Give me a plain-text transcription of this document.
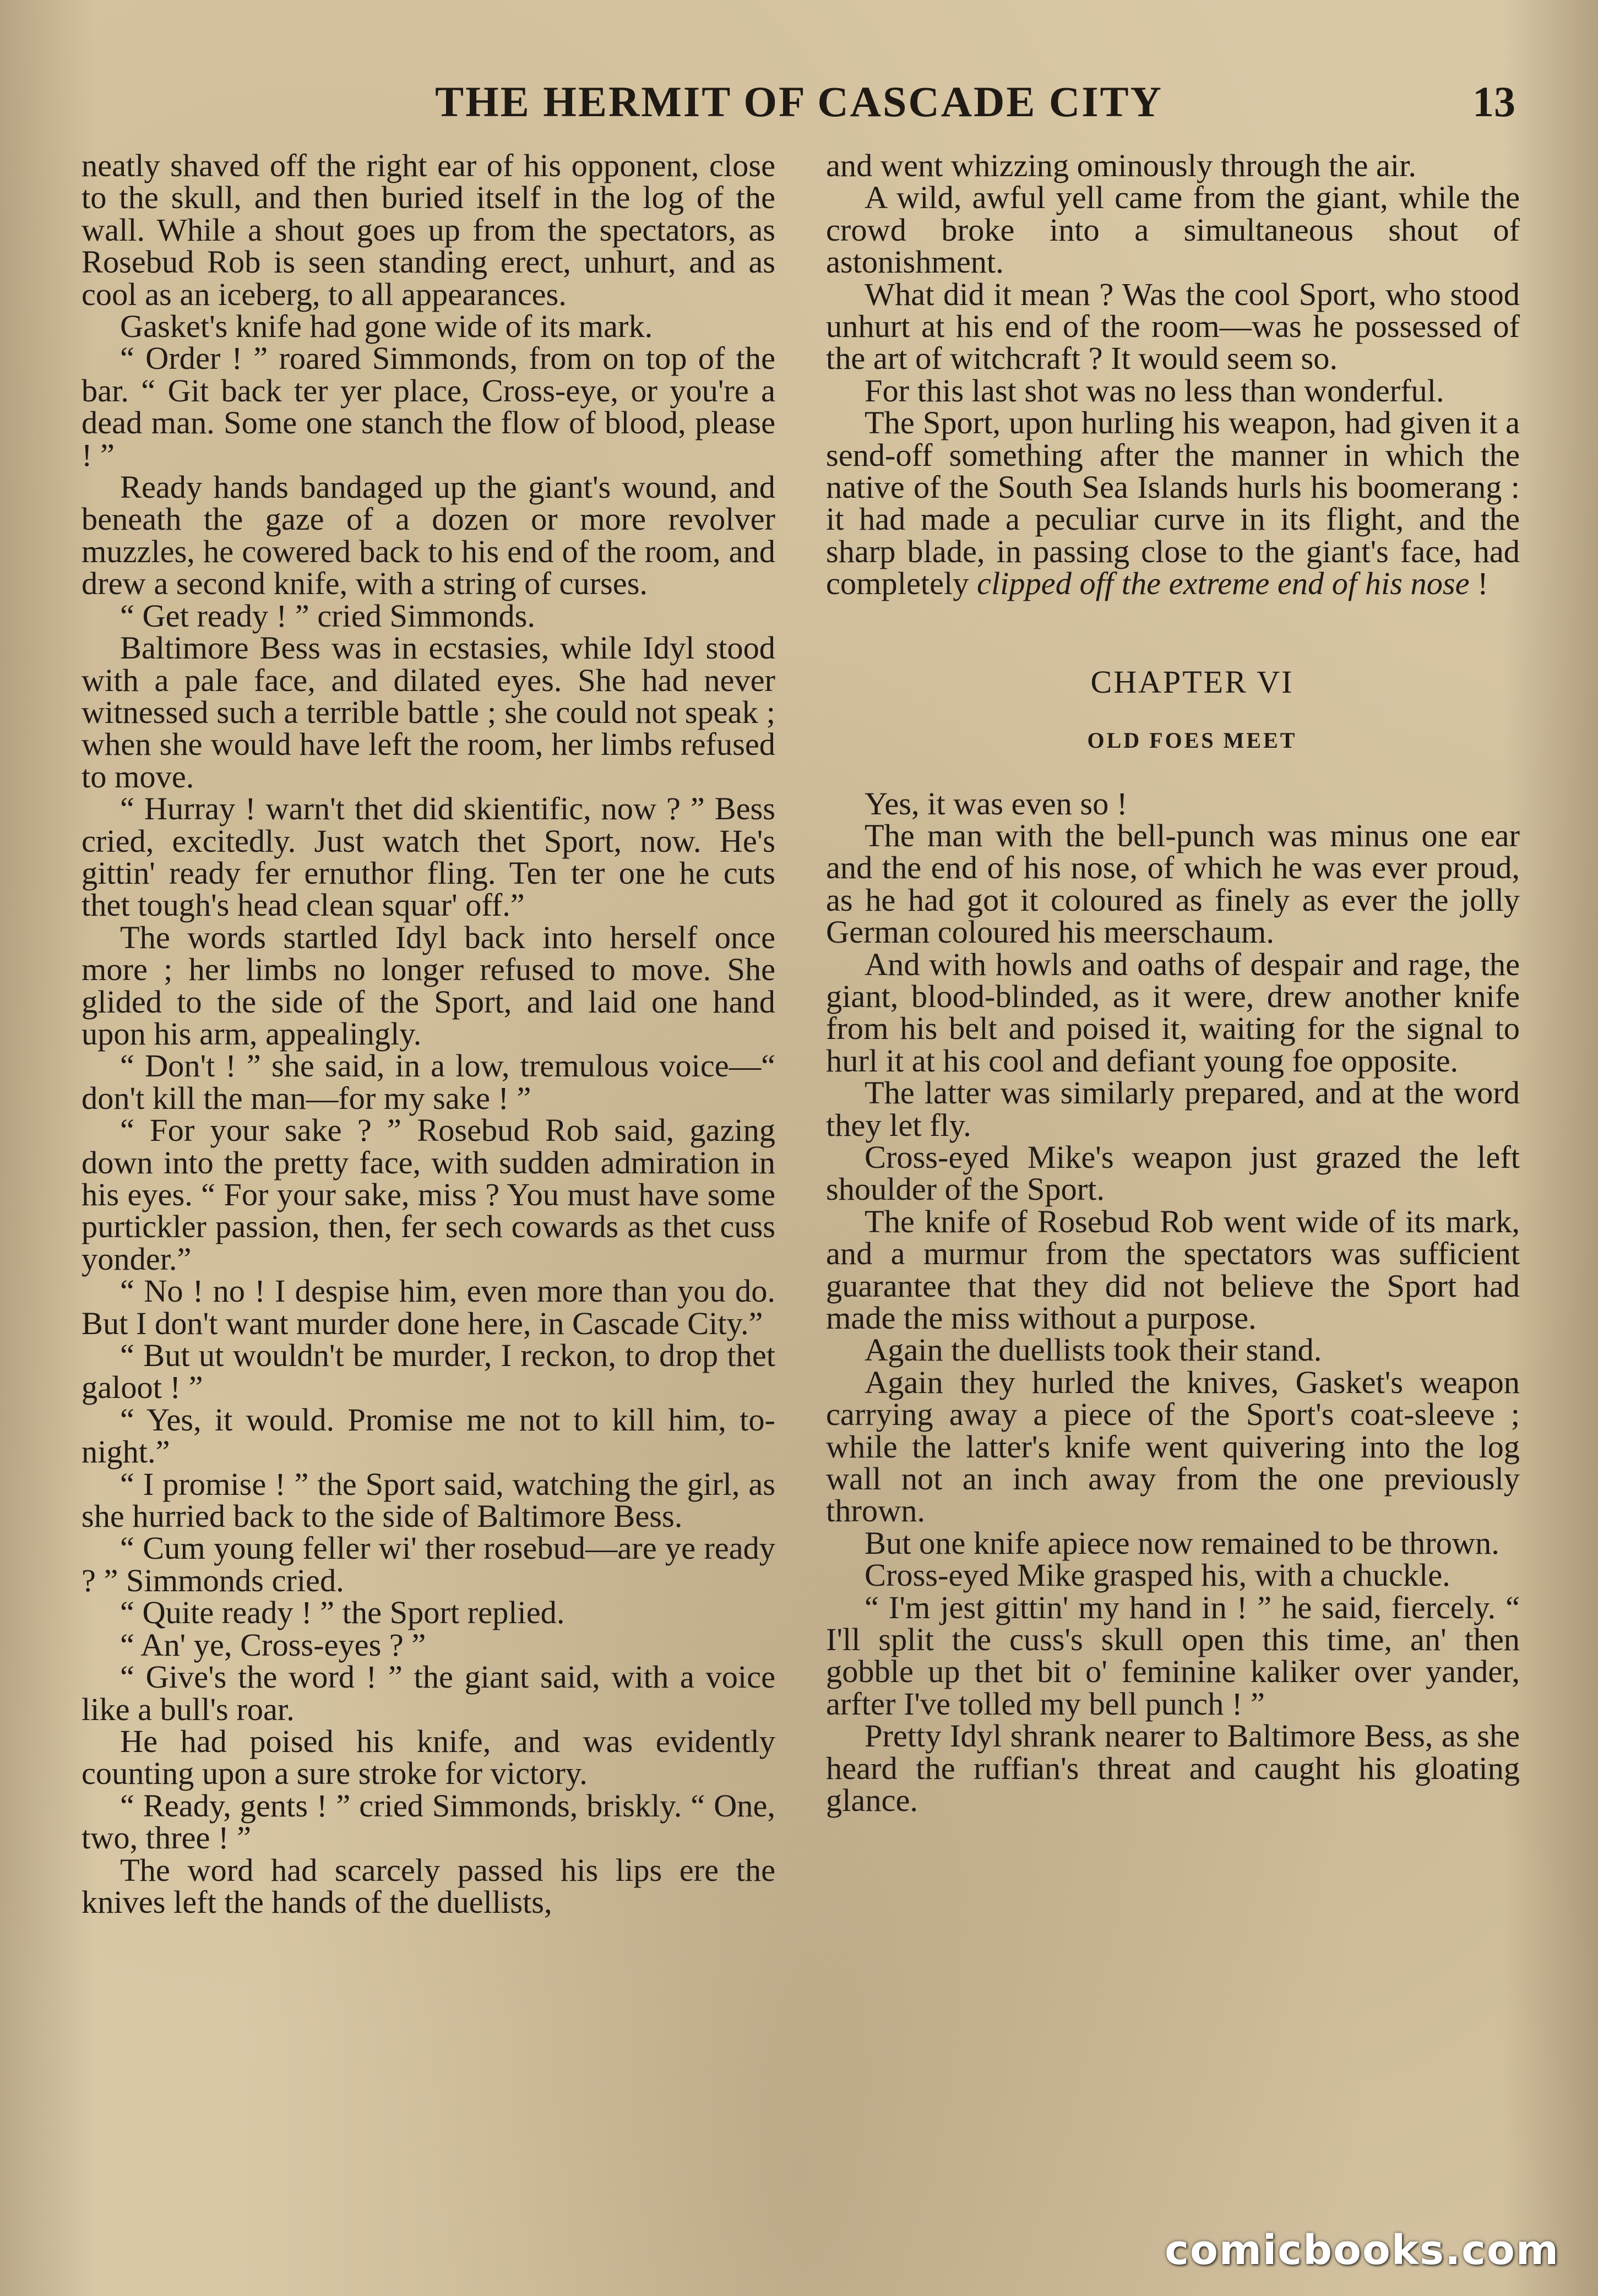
THE HERMIT OF CASCADE CITY	13

neatly shaved off the right ear of his opponent, close to the skull, and then buried itself in the log of the wall. While a shout goes up from the spectators, as Rosebud Rob is seen standing erect, unhurt, and as cool as an iceberg, to all appearances.

Gasket's knife had gone wide of its mark.

“ Order ! ” roared Simmonds, from on top of the bar. “ Git back ter yer place, Cross-eye, or you're a dead man. Some one stanch the flow of blood, please ! ”

Ready hands bandaged up the giant's wound, and beneath the gaze of a dozen or more revolver muzzles, he cowered back to his end of the room, and drew a second knife, with a string of curses.

“ Get ready ! ” cried Simmonds.

Baltimore Bess was in ecstasies, while Idyl stood with a pale face, and dilated eyes. She had never witnessed such a terrible battle ; she could not speak ; when she would have left the room, her limbs refused to move.

“ Hurray ! warn't thet did skientific, now ? ” Bess cried, excitedly. Just watch thet Sport, now. He's gittin' ready fer ernuthor fling. Ten ter one he cuts thet tough's head clean squar' off.”

The words startled Idyl back into herself once more ; her limbs no longer refused to move. She glided to the side of the Sport, and laid one hand upon his arm, appealingly.

“ Don't ! ” she said, in a low, tremulous voice—“ don't kill the man—for my sake ! ”

“ For your sake ? ” Rosebud Rob said, gazing down into the pretty face, with sudden admiration in his eyes. “ For your sake, miss ? You must have some purtickler passion, then, fer sech cowards as thet cuss yonder.”

“ No ! no ! I despise him, even more than you do. But I don't want murder done here, in Cascade City.”

“ But ut wouldn't be murder, I reckon, to drop thet galoot ! ”

“ Yes, it would. Promise me not to kill him, to-night.”

“ I promise ! ” the Sport said, watching the girl, as she hurried back to the side of Baltimore Bess.

“ Cum young feller wi' ther rosebud—are ye ready ? ” Simmonds cried.

“ Quite ready ! ” the Sport replied.

“ An' ye, Cross-eyes ? ”

“ Give's the word ! ” the giant said, with a voice like a bull's roar.

He had poised his knife, and was evidently counting upon a sure stroke for victory.

“ Ready, gents ! ” cried Simmonds, briskly. “ One, two, three ! ”

The word had scarcely passed his lips ere the knives left the hands of the duellists,

and went whizzing ominously through the air.

A wild, awful yell came from the giant, while the crowd broke into a simultaneous shout of astonishment.

What did it mean ? Was the cool Sport, who stood unhurt at his end of the room—was he possessed of the art of witchcraft ? It would seem so.

For this last shot was no less than wonderful.

The Sport, upon hurling his weapon, had given it a send-off something after the manner in which the native of the South Sea Islands hurls his boomerang : it had made a peculiar curve in its flight, and the sharp blade, in passing close to the giant's face, had completely clipped off the extreme end of his nose !

CHAPTER VI

OLD FOES MEET

Yes, it was even so !

The man with the bell-punch was minus one ear and the end of his nose, of which he was ever proud, as he had got it coloured as finely as ever the jolly German coloured his meerschaum.

And with howls and oaths of despair and rage, the giant, blood-blinded, as it were, drew another knife from his belt and poised it, waiting for the signal to hurl it at his cool and defiant young foe opposite.

The latter was similarly prepared, and at the word they let fly.

Cross-eyed Mike's weapon just grazed the left shoulder of the Sport.

The knife of Rosebud Rob went wide of its mark, and a murmur from the spectators was sufficient guarantee that they did not believe the Sport had made the miss without a purpose.

Again the duellists took their stand.

Again they hurled the knives, Gasket's weapon carrying away a piece of the Sport's coat-sleeve ; while the latter's knife went quivering into the log wall not an inch away from the one previously thrown.

But one knife apiece now remained to be thrown.

Cross-eyed Mike grasped his, with a chuckle.

“ I'm jest gittin' my hand in ! ” he said, fiercely. “ I'll split the cuss's skull open this time, an' then gobble up thet bit o' feminine kaliker over yander, arfter I've tolled my bell punch ! ”

Pretty Idyl shrank nearer to Baltimore Bess, as she heard the ruffian's threat and caught his gloating glance.

comicbooks.com
